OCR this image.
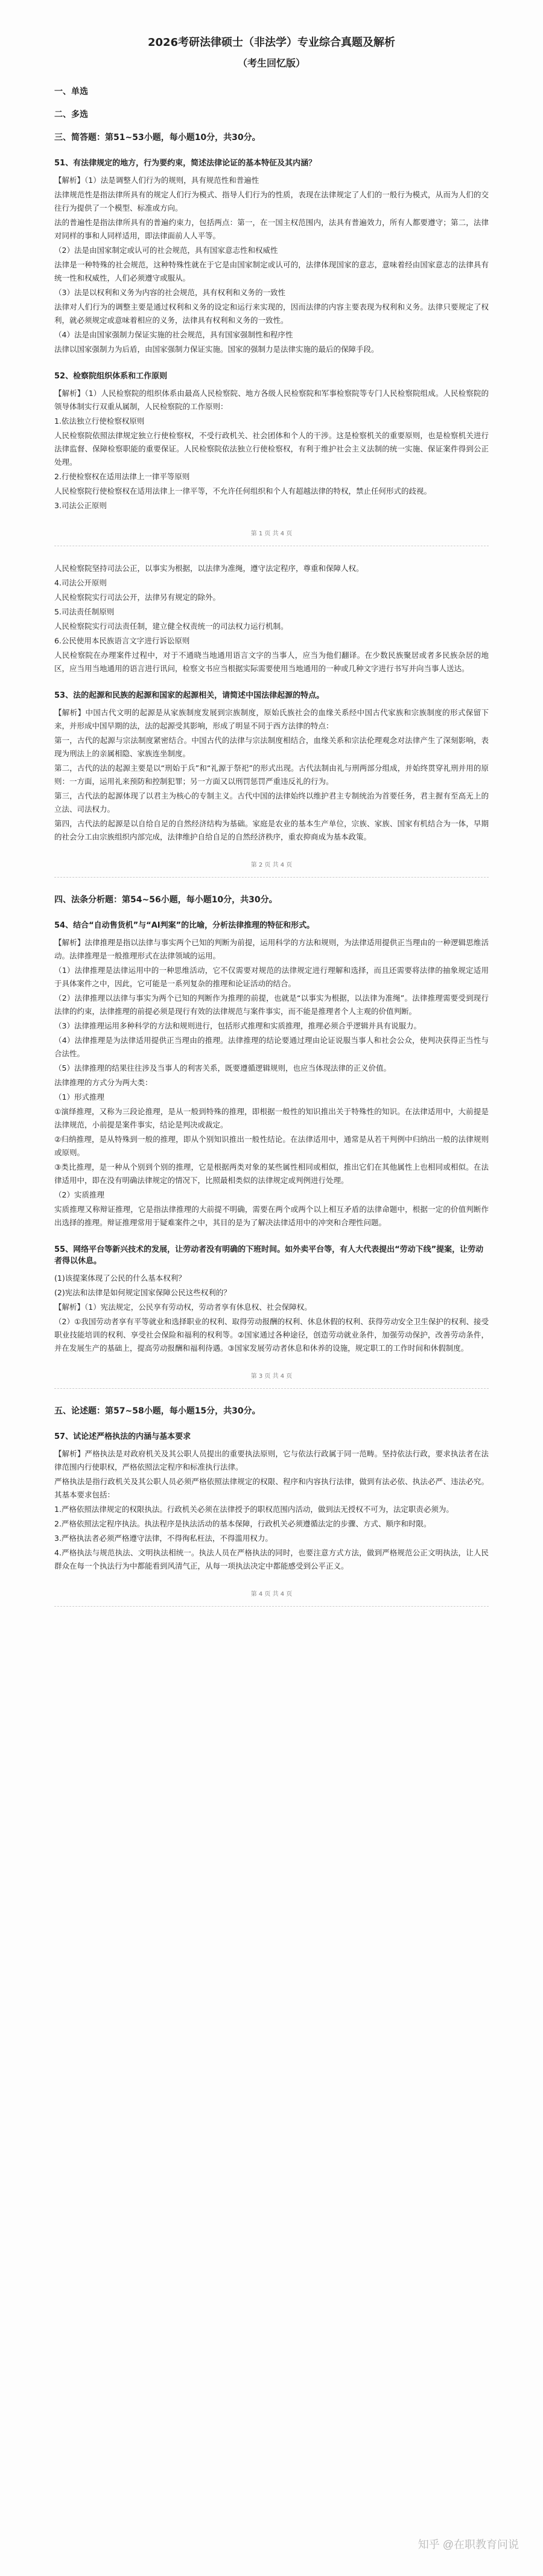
2026考研法律硕士（非法学）专业综合真题及解析
（考生回忆版）
一、单选
二、多选
三、简答题：第51~53小题，每小题10分，共30分。
51、有法律规定的地方，行为要约束，简述法律论证的基本特征及其内涵？

【解析】（1）法是调整人们行为的规则，具有规范性和普遍性

法律规范性是指法律所具有的规定人们行为模式、指导人们行为的性质，表现在法律规定了人们的一般行为模式，从而为人们的交往行为提供了一个模型、标准或方向。

法的普遍性是指法律所具有的普遍约束力，包括两点：第一，在一国主权范围内，法具有普遍效力，所有人都要遵守；第二，法律对同样的事和人同样适用，即法律面前人人平等。

（2）法是由国家制定或认可的社会规范，具有国家意志性和权威性

法律是一种特殊的社会规范，这种特殊性就在于它是由国家制定或认可的，法律体现国家的意志，意味着经由国家意志的法律具有统一性和权威性，人们必须遵守或服从。

（3）法是以权利和义务为内容的社会规范，具有权利和义务的一致性

法律对人们行为的调整主要是通过权利和义务的设定和运行来实现的，因而法律的内容主要表现为权利和义务。法律只要规定了权利，就必须规定或意味着相应的义务，法律具有权利和义务的一致性。

（4）法是由国家强制力保证实施的社会规范，具有国家强制性和程序性

法律以国家强制力为后盾，由国家强制力保证实施。国家的强制力是法律实施的最后的保障手段。

52、检察院组织体系和工作原则

【解析】（1）人民检察院的组织体系由最高人民检察院、地方各级人民检察院和军事检察院等专门人民检察院组成。人民检察院的领导体制实行双重从属制，人民检察院的工作原则：

1.依法独立行使检察权原则

人民检察院依照法律规定独立行使检察权，不受行政机关、社会团体和个人的干涉。这是检察机关的重要原则，也是检察机关进行法律监督、保障检察职能的重要保证。人民检察院依法独立行使检察权，有利于维护社会主义法制的统一实施、保证案件得到公正处理。

2.行使检察权在适用法律上一律平等原则

人民检察院行使检察权在适用法律上一律平等，不允许任何组织和个人有超越法律的特权，禁止任何形式的歧视。

3.司法公正原则

第 1 页 共 4 页

人民检察院坚持司法公正，以事实为根据，以法律为准绳，遵守法定程序，尊重和保障人权。

4.司法公开原则

人民检察院实行司法公开，法律另有规定的除外。

5.司法责任制原则

人民检察院实行司法责任制，建立健全权责统一的司法权力运行机制。

6.公民使用本民族语言文字进行诉讼原则

人民检察院在办理案件过程中，对于不通晓当地通用语言文字的当事人，应当为他们翻译。在少数民族聚居或者多民族杂居的地区，应当用当地通用的语言进行讯问，检察文书应当根据实际需要使用当地通用的一种或几种文字进行书写并向当事人送达。

53、法的起源和民族的起源和国家的起源相关，请简述中国法律起源的特点。

【解析】中国古代文明的起源是从家族制度发展到宗族制度，原始氏族社会的血缘关系经中国古代家族和宗族制度的形式保留下来，并形成中国早期的法，法的起源受其影响，形成了明显不同于西方法律的特点：

第一，古代的起源与宗法制度紧密结合。中国古代的法律与宗法制度相结合，血缘关系和宗法伦理观念对法律产生了深刻影响，表现为刑法上的亲属相隐、家族连坐制度。

第二，古代的法的起源主要是以“刑始于兵”和“礼源于祭祀”的形式出现。古代法制由礼与刑两部分组成，并始终贯穿礼刑并用的原则：一方面，运用礼来预防和控制犯罪；另一方面又以刑罚惩罚严重违反礼的行为。

第三，古代法的起源体现了以君主为核心的专制主义。古代中国的法律始终以维护君主专制统治为首要任务，君主握有至高无上的立法、司法权力。

第四，古代法的起源是以自给自足的自然经济结构为基础。家庭是农业的基本生产单位，宗族、家族、国家有机结合为一体，早期的社会分工由宗族组织内部完成，法律维护自给自足的自然经济秩序，重农抑商成为基本政策。

第 2 页 共 4 页
四、法条分析题：第54~56小题，每小题10分，共30分。
54、结合“自动售货机”与“AI判案”的比喻，分析法律推理的特征和形式。

【解析】法律推理是指以法律与事实两个已知的判断为前提，运用科学的方法和规则，为法律适用提供正当理由的一种逻辑思维活动。法律推理是一般推理形式在法律领域的运用。

（1）法律推理是法律运用中的一种思维活动，它不仅需要对规范的法律规定进行理解和选择，而且还需要将法律的抽象规定适用于具体案件之中，因此，它可能是一系列复杂的推理和论证活动的结合。

（2）法律推理以法律与事实为两个已知的判断作为推理的前提，也就是“以事实为根据，以法律为准绳”。法律推理需要受到现行法律的约束，法律推理的前提必须是现行有效的法律规范与案件事实，而不能是推理者个人主观的价值判断。

（3）法律推理运用多种科学的方法和规则进行，包括形式推理和实质推理，推理必须合乎逻辑并具有说服力。

（4）法律推理是为法律适用提供正当理由的推理。法律推理的结论要通过理由论证说服当事人和社会公众，使判决获得正当性与合法性。

（5）法律推理的结果往往涉及当事人的利害关系，既要遵循逻辑规则，也应当体现法律的正义价值。

法律推理的方式分为两大类：

（1）形式推理

①演绎推理，又称为三段论推理，是从一般到特殊的推理，即根据一般性的知识推出关于特殊性的知识。在法律适用中，大前提是法律规范，小前提是案件事实，结论是判决或裁定。

②归纳推理，是从特殊到一般的推理，即从个别知识推出一般性结论。在法律适用中，通常是从若干判例中归纳出一般的法律规则或原则。

③类比推理，是一种从个别到个别的推理，它是根据两类对象的某些属性相同或相似，推出它们在其他属性上也相同或相似。在法律适用中，即在没有明确法律规定的情况下，比照最相类似的法律规定或判例进行处理。

（2）实质推理

实质推理又称辩证推理，它是指法律推理的大前提不明确，需要在两个或两个以上相互矛盾的法律命题中，根据一定的价值判断作出选择的推理。辩证推理常用于疑难案件之中，其目的是为了解决法律适用中的冲突和合理性问题。

55、网络平台等新兴技术的发展，让劳动者没有明确的下班时间。如外卖平台等，有人大代表提出“劳动下线”提案，让劳动者得以休息。

(1)该提案体现了公民的什么基本权利？

(2)宪法和法律是如何规定国家保障公民这些权利的？

【解析】（1）宪法规定，公民享有劳动权，劳动者享有休息权、社会保障权。

（2）①我国劳动者享有平等就业和选择职业的权利、取得劳动报酬的权利、休息休假的权利、获得劳动安全卫生保护的权利、接受职业技能培训的权利、享受社会保险和福利的权利等。②国家通过各种途径，创造劳动就业条件，加强劳动保护，改善劳动条件，并在发展生产的基础上，提高劳动报酬和福利待遇。③国家发展劳动者休息和休养的设施，规定职工的工作时间和休假制度。

第 3 页 共 4 页
五、论述题：第57~58小题，每小题15分，共30分。
57、试论述严格执法的内涵与基本要求

【解析】严格执法是对政府机关及其公职人员提出的重要执法原则，它与依法行政属于同一范畴。坚持依法行政，要求执法者在法律范围内行使职权，严格依照法定程序和标准执行法律。

严格执法是指行政机关及其公职人员必须严格依照法律规定的权限、程序和内容执行法律，做到有法必依、执法必严、违法必究。其基本要求包括：

1.严格依照法律规定的权限执法。行政机关必须在法律授予的职权范围内活动，做到法无授权不可为，法定职责必须为。

2.严格依照法定程序执法。执法程序是执法活动的基本保障，行政机关必须遵循法定的步骤、方式、顺序和时限。

3.严格执法者必须严格遵守法律，不得徇私枉法，不得滥用权力。

4.严格执法与规范执法、文明执法相统一。执法人员在严格执法的同时，也要注意方式方法，做到严格规范公正文明执法，让人民群众在每一个执法行为中都能看到风清气正，从每一项执法决定中都能感受到公平正义。

第 4 页 共 4 页
知乎 @在职教育问说
